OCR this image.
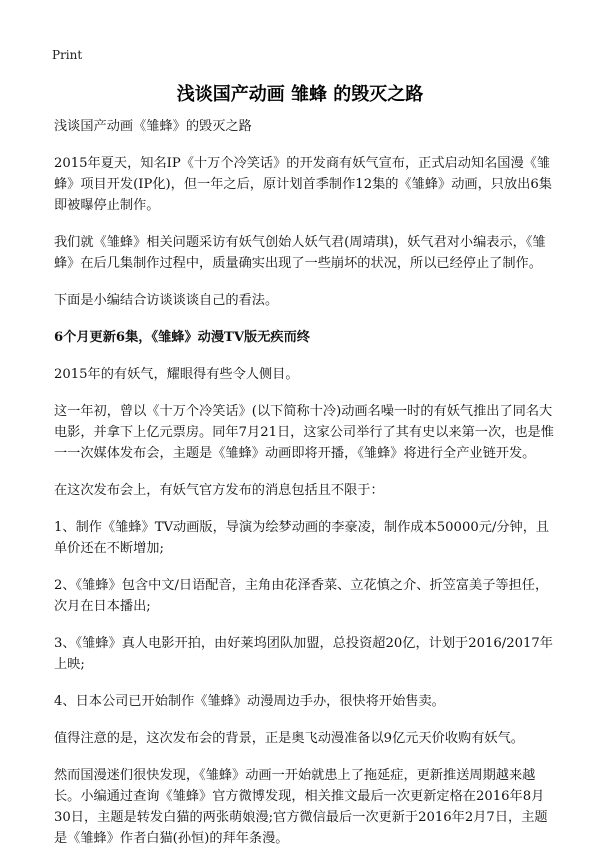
Print
浅谈国产动画 雏蜂 的毁灭之路

浅谈国产动画《雏蜂》的毁灭之路

2015年夏天，知名IP《十万个冷笑话》的开发商有妖气宣布，正式启动知名国漫《雏蜂》项目开发(IP化)，但一年之后，原计划首季制作12集的《雏蜂》动画，只放出6集即被曝停止制作。

我们就《雏蜂》相关问题采访有妖气创始人妖气君(周靖琪)，妖气君对小编表示，《雏蜂》在后几集制作过程中，质量确实出现了一些崩坏的状况，所以已经停止了制作。

下面是小编结合访谈谈谈自己的看法。

6个月更新6集，《雏蜂》动漫TV版无疾而终

2015年的有妖气，耀眼得有些令人侧目。

这一年初，曾以《十万个冷笑话》(以下简称十冷)动画名噪一时的有妖气推出了同名大电影，并拿下上亿元票房。同年7月21日，这家公司举行了其有史以来第一次，也是惟一一次媒体发布会，主题是《雏蜂》动画即将开播，《雏蜂》将进行全产业链开发。

在这次发布会上，有妖气官方发布的消息包括且不限于：

1、制作《雏蜂》TV动画版，导演为绘梦动画的李豪凌，制作成本50000元/分钟，且单价还在不断增加;

2、《雏蜂》包含中文/日语配音，主角由花泽香菜、立花慎之介、折笠富美子等担任，次月在日本播出;

3、《雏蜂》真人电影开拍，由好莱坞团队加盟，总投资超20亿，计划于2016/2017年上映;

4、日本公司已开始制作《雏蜂》动漫周边手办，很快将开始售卖。

值得注意的是，这次发布会的背景，正是奥飞动漫准备以9亿元天价收购有妖气。

然而国漫迷们很快发现，《雏蜂》动画一开始就患上了拖延症，更新推送周期越来越长。小编通过查询《雏蜂》官方微博发现，相关推文最后一次更新定格在2016年8月30日，主题是转发白猫的两张萌娘漫;官方微信最后一次更新于2016年2月7日，主题是《雏蜂》作者白猫(孙恒)的拜年条漫。
